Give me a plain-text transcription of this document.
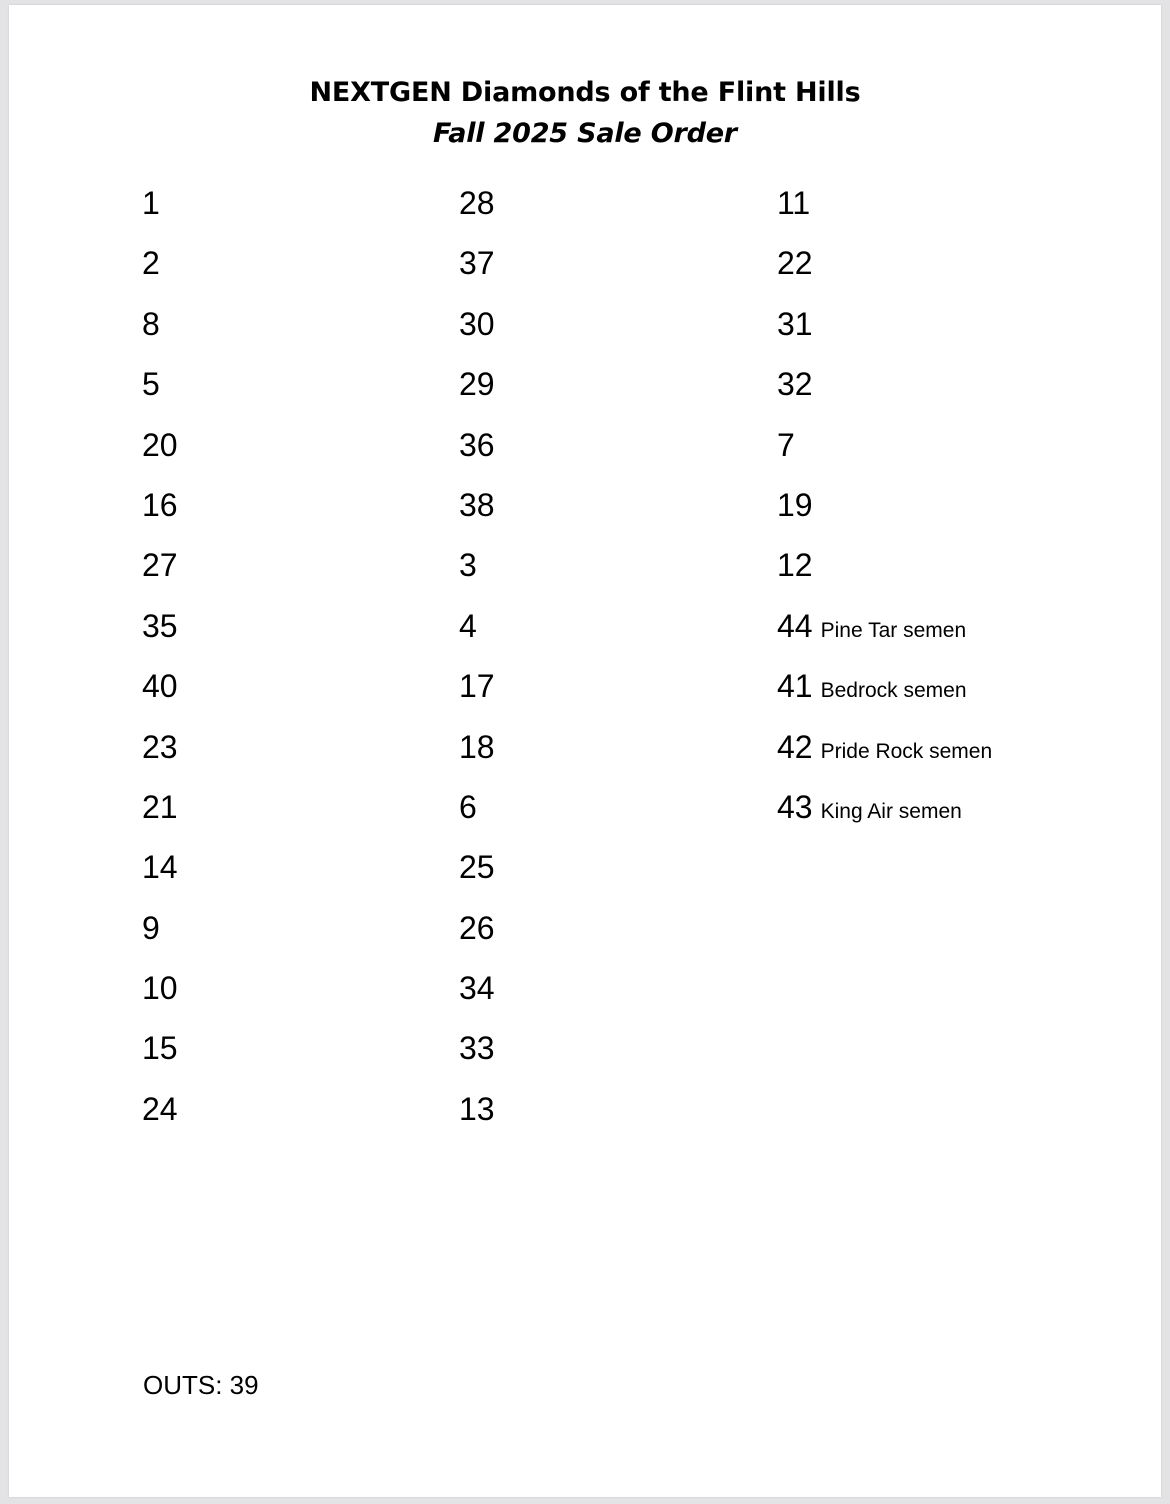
NEXTGEN Diamonds of the Flint Hills
Fall 2025 Sale Order
1
2
8
5
20
16
27
35
40
23
21
14
9
10
15
24
28
37
30
29
36
38
3
4
17
18
6
25
26
34
33
13
11
22
31
32
7
19
12
44 Pine Tar semen
41 Bedrock semen
42 Pride Rock semen
43 King Air semen
OUTS: 39
